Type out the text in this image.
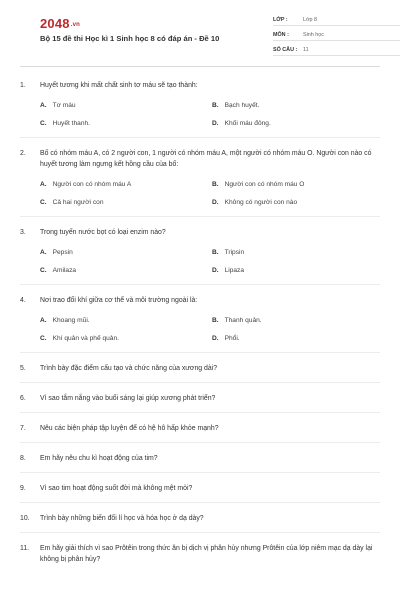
2048.vn
Bộ 15 đề thi Học kì 1 Sinh học 8 có đáp án - Đề 10
LỚP :	Lớp 8
MÔN :	Sinh học
SỐ CÂU :	11
1.	Huyết tương khi mất chất sinh tơ máu sẽ tạo thành:
A. Tơ máu	B. Bạch huyết.
C. Huyết thanh.	D. Khối máu đông.
2.	Bố có nhóm máu A, có 2 người con, 1 người có nhóm máu A, một người có nhóm máu O. Người con nào có huyết tương làm ngưng kết hồng cầu của bố:
A. Người con có nhóm máu A	B. Người con có nhóm máu O
C. Cả hai người con	D. Không có người con nào
3.	Trong tuyến nước bọt có loại enzim nào?
A. Pepsin	B. Tripsin
C. Amilaza	D. Lipaza
4.	Nơi trao đổi khí giữa cơ thể và môi trường ngoài là:
A. Khoang mũi.	B. Thanh quản.
C. Khí quản và phế quản.	D. Phổi.
5.	Trình bày đặc điểm cấu tạo và chức năng của xương dài?
6.	Vì sao tắm nắng vào buổi sáng lại giúp xương phát triển?
7.	Nêu các biện pháp tập luyện để có hệ hô hấp khỏe mạnh?
8.	Em hãy nêu chu kì hoạt động của tim?
9.	Vì sao tim hoạt động suốt đời mà không mệt mỏi?
10.	Trình bày những biến đổi lí học và hóa học ở dạ dày?
11.	Em hãy giải thích vì sao Prôtêin trong thức ăn bị dịch vị phân hủy nhưng Prôtêin của lớp niêm mạc dạ dày lại không bị phân hủy?
